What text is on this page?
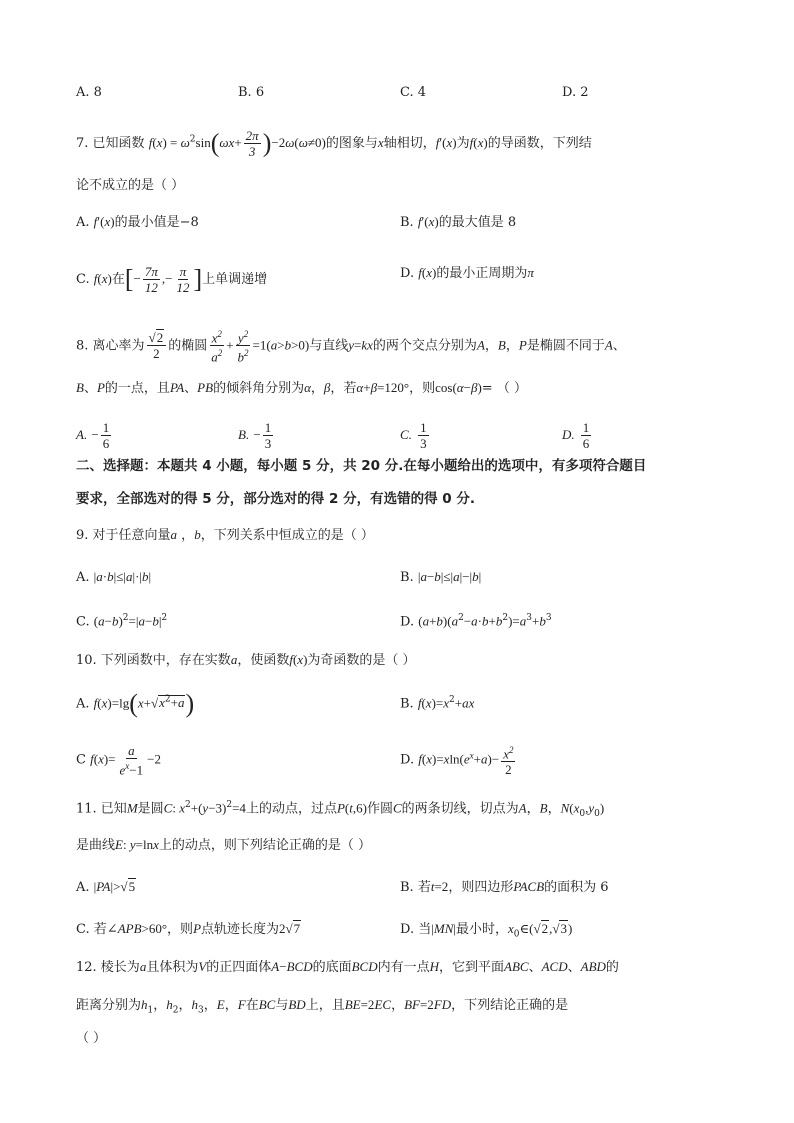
A. 8	B. 6	C. 4	D. 2
7. 已知函数 $f(x) = \omega^2\sin(\omega x+ \frac{2\pi}{3} )-2\omega(\omega\ne 0)$的图象与x轴相切，f′(x)为f(x)的导函数，下列结
论不成立的是（ ）
A. f′(x)的最小值是−8	B. f′(x)的最大值是 8
C. f(x)在[− $\frac{7\pi}{12}$ ,− $\frac{\pi}{12}$ ]上单调递增	D. f(x)的最小正周期为π
8. 离心率为 $\frac{√2}{2}$ 的椭圆 $\frac{x^2}{a^2} + \frac{y^2}{b^2} =1(a>b>0)$与直线y=kx的两个交点分别为A，B，P是椭圆不同于A、
B、P的一点，且PA、PB的倾斜角分别为α，β，若α+β=120°，则cos(α−β)= （ ）
A. − $\frac{1}{6}$	B. − $\frac{1}{3}$	C. $\frac{1}{3}$	D. $\frac{1}{6}$
二、选择题：本题共 4 小题，每小题 5 分，共 20 分.在每小题给出的选项中，有多项符合题目
要求，全部选对的得 5 分，部分选对的得 2 分，有选错的得 0 分.
9. 对于任意向量a ，b，下列关系中恒成立的是（ ）
A. |a·b|≤|a|·|b|	B. |a−b|≤|a|−|b|
C. $(a-b)^2=|a-b|^2$	D. $(a+b)(a^2-a\cdot b+b^2)=a^3+b^3$
10. 下列函数中，存在实数a，使函数f(x)为奇函数的是（ ）
A. $f(x)=\lg(x+√x^2+a)$	B. $f(x)=x^2+ax$
C $f(x)= \frac{a}{e^x-1} -2$	D. $f(x)=xln(e^x+a)- \frac{x^2}{2}$
11. 已知M是圆C: $x^2+(y-3)^2=4$上的动点，过点P(t,6)作圆C的两条切线，切点为A，B，$N(x_0,y_0)$
是曲线E: y=lnx上的动点，则下列结论正确的是（ ）
A. |PA|>√5	B. 若t=2，则四边形PACB的面积为 6
C. 若∠APB>60°，则P点轨迹长度为2√7	D. 当|MN|最小时，$x_0\in(√2,√3)$
12. 棱长为a且体积为V的正四面体A−BCD的底面BCD内有一点H，它到平面ABC、ACD、ABD的
距离分别为$h_1$，$h_2$，$h_3$，E，F在BC与BD上，且BE=2EC，BF=2FD，下列结论正确的是
（ ）
